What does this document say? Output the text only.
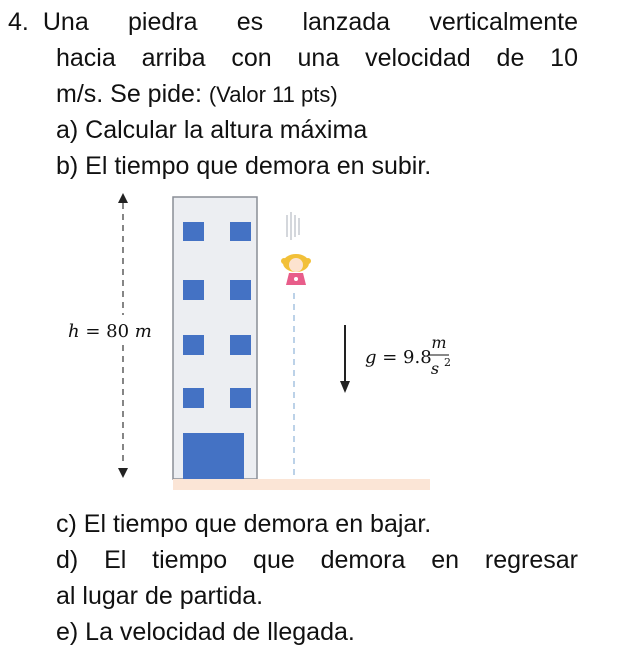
4. Una piedra es lanzada verticalmente
hacia arriba con una velocidad de 10
m/s. Se pide: (Valor 11 pts)
a) Calcular la altura máxima
b) El tiempo que demora en subir.
h = 80 m
g = 9.8
m
s 2
c) El tiempo que demora en bajar.
d) El tiempo que demora en regresar
al lugar de partida.
e) La velocidad de llegada.
